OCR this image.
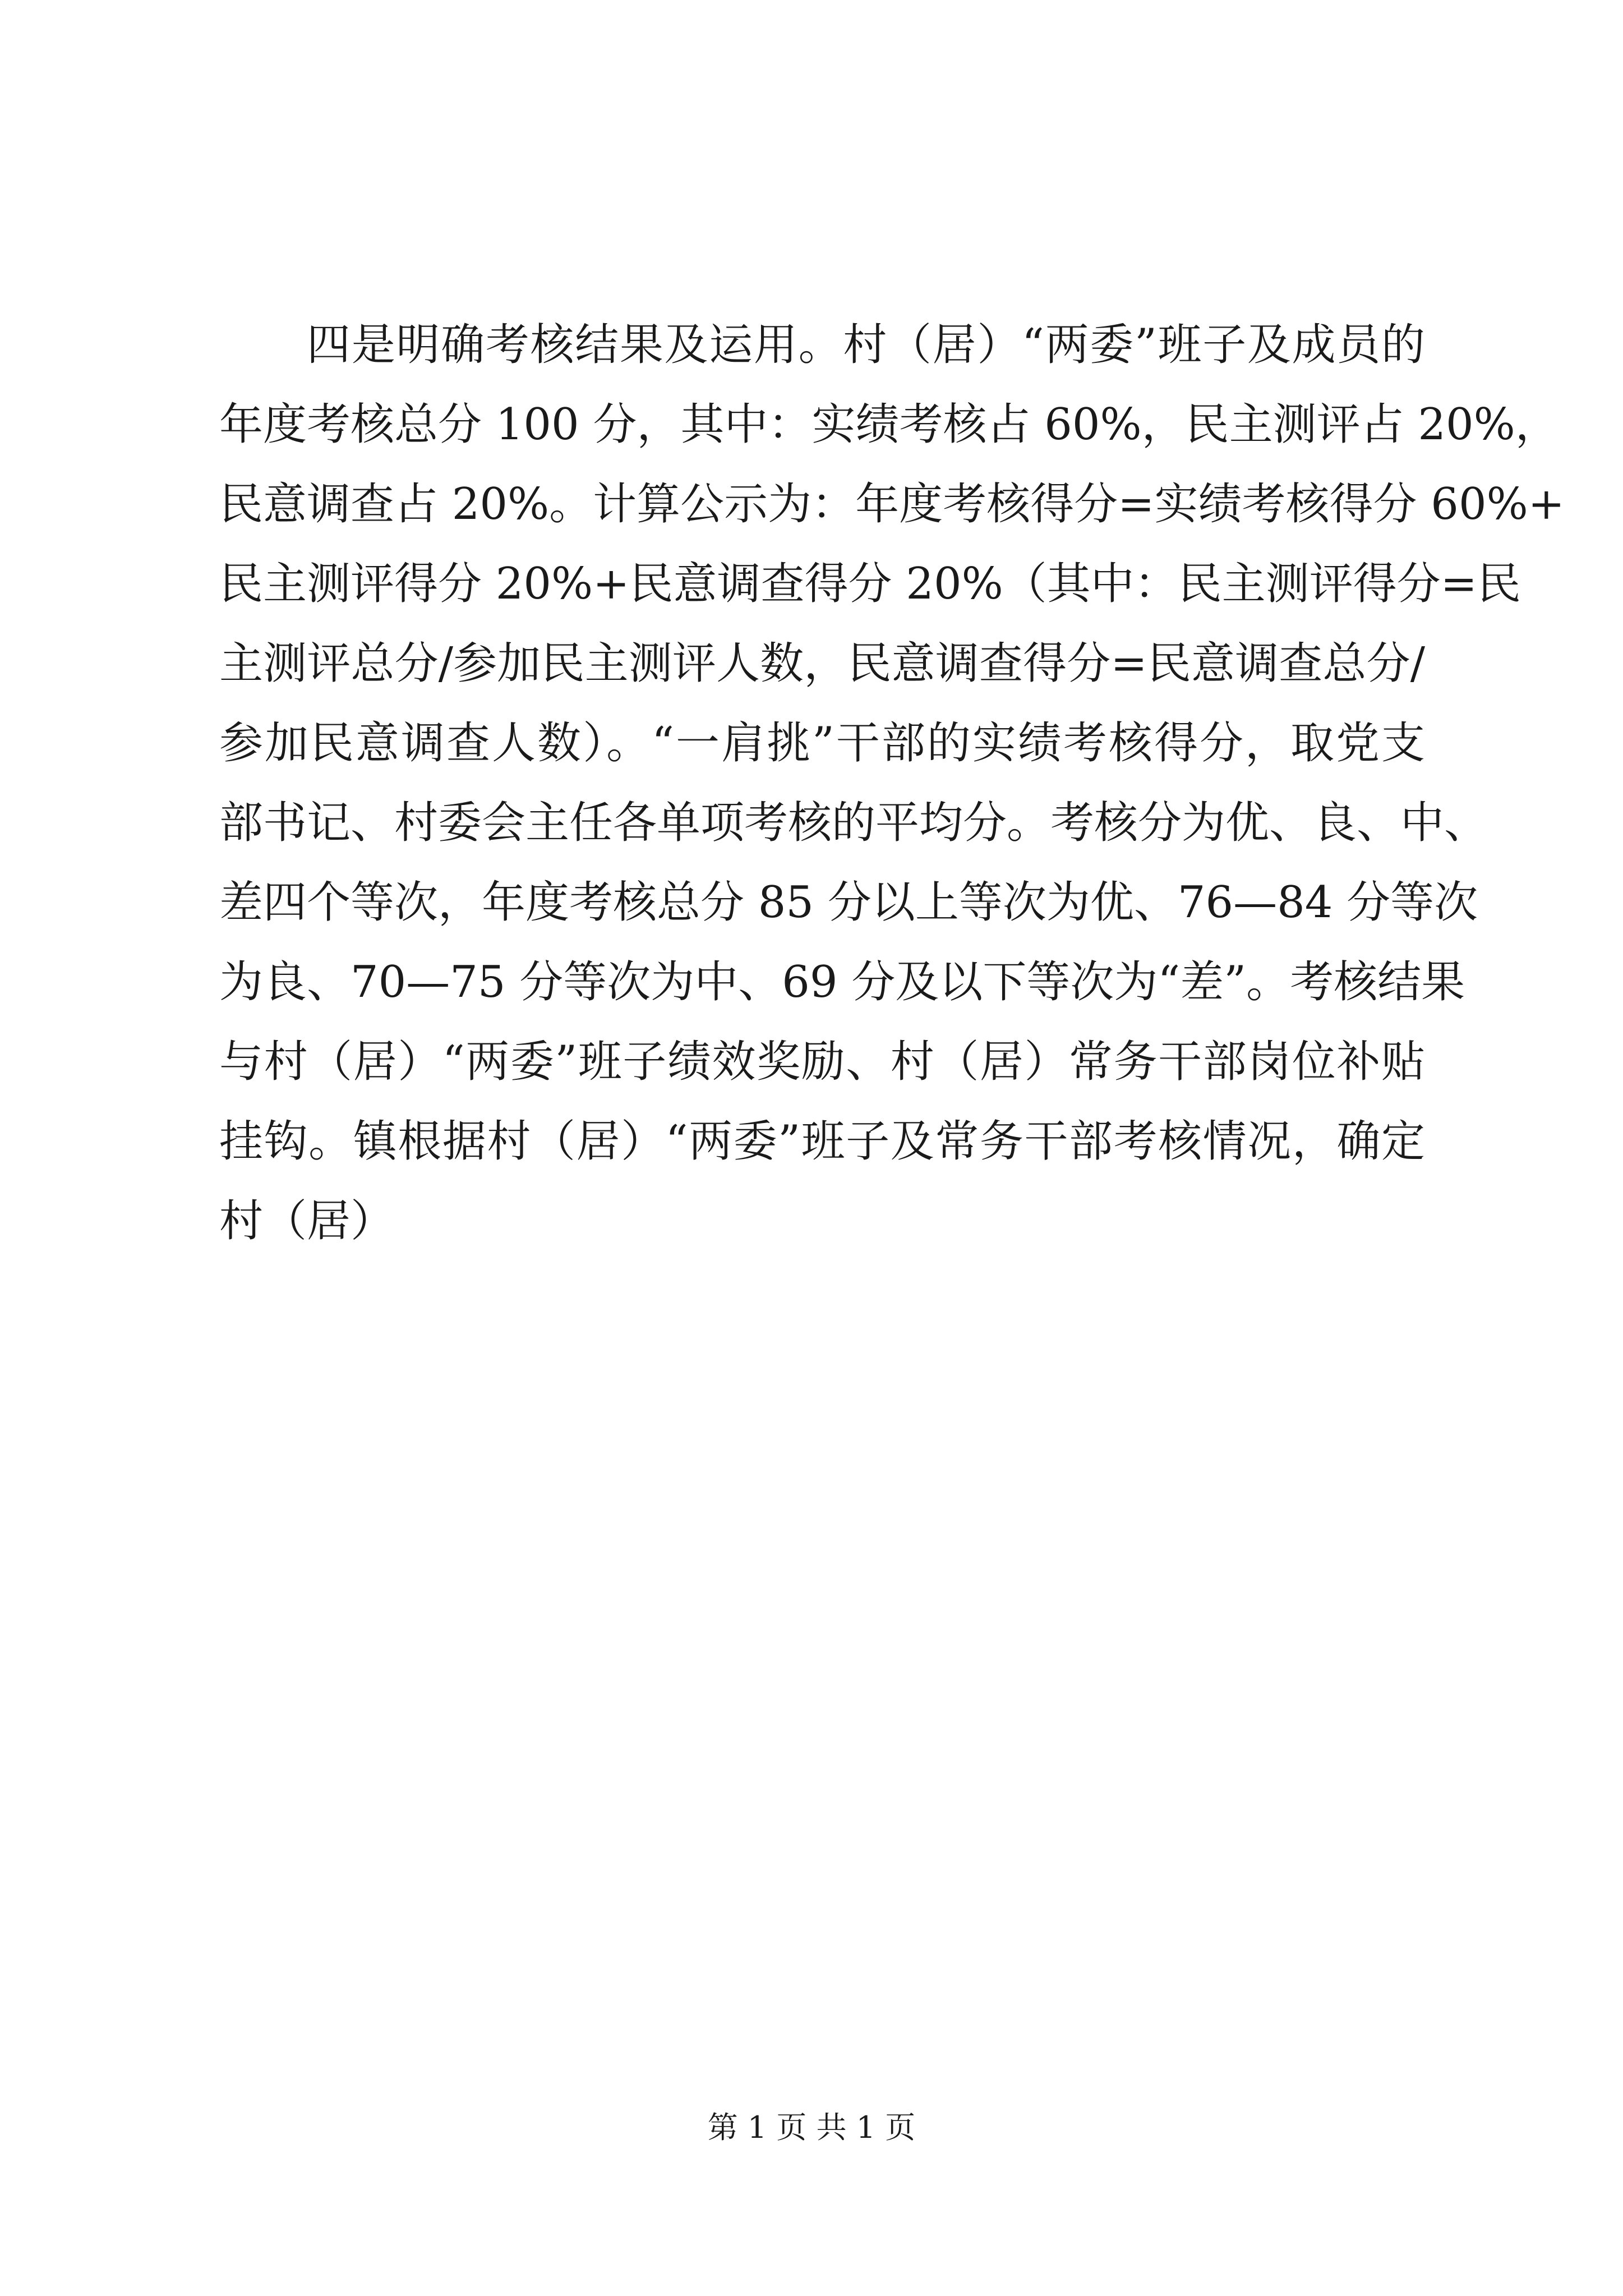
四是明确考核结果及运用。村（居）“两委”班子及成员的
年度考核总分 100 分，其中：实绩考核占 60%，民主测评占 20%，
民意调查占 20%。计算公示为：年度考核得分=实绩考核得分 60%+
民主测评得分 20%+民意调查得分 20%（其中：民主测评得分=民
主测评总分/参加民主测评人数，民意调查得分=民意调查总分/
参加民意调查人数）。“一肩挑”干部的实绩考核得分，取党支
部书记、村委会主任各单项考核的平均分。考核分为优、良、中、
差四个等次，年度考核总分 85 分以上等次为优、76—84 分等次
为良、70—75 分等次为中、69 分及以下等次为“差”。考核结果
与村（居）“两委”班子绩效奖励、村（居）常务干部岗位补贴
挂钩。镇根据村（居）“两委”班子及常务干部考核情况，确定
村（居）
第 1 页 共 1 页
